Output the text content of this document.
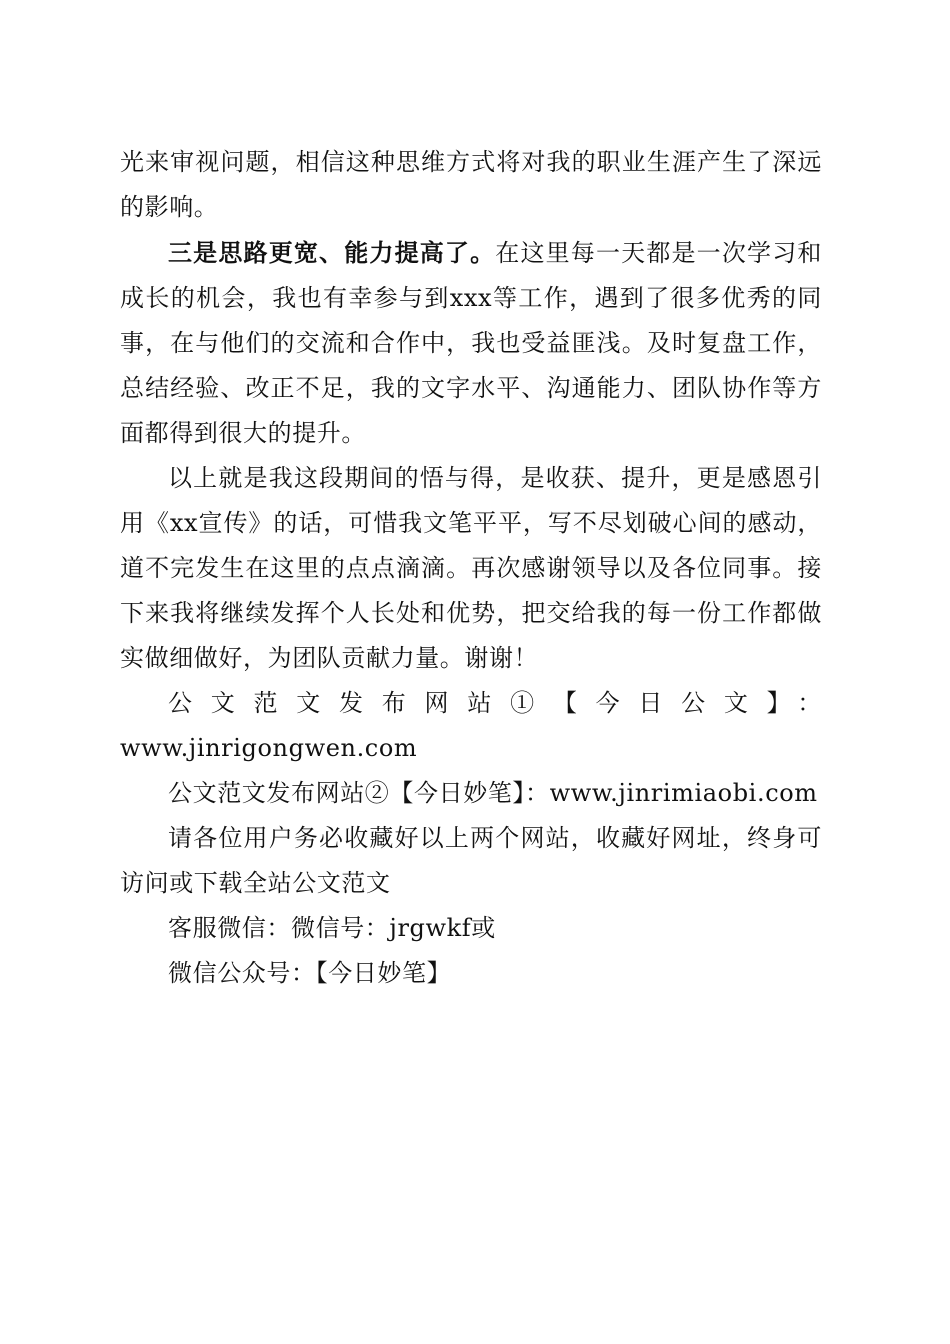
光来审视问题，相信这种思维方式将对我的职业生涯产生了深远的影响。

三是思路更宽、能力提高了。在这里每一天都是一次学习和成长的机会，我也有幸参与到xxx等工作，遇到了很多优秀的同事，在与他们的交流和合作中，我也受益匪浅。及时复盘工作，总结经验、改正不足，我的文字水平、沟通能力、团队协作等方面都得到很大的提升。

以上就是我这段期间的悟与得，是收获、提升，更是感恩引用《xx宣传》的话，可惜我文笔平平，写不尽划破心间的感动，道不完发生在这里的点点滴滴。再次感谢领导以及各位同事。接下来我将继续发挥个人长处和优势，把交给我的每一份工作都做实做细做好，为团队贡献力量。谢谢！

公文范文发布网站①【今日公文】：

www.jinrigongwen.com

公文范文发布网站②【今日妙笔】：www.jinrimiaobi.com

请各位用户务必收藏好以上两个网站，收藏好网址，终身可访问或下载全站公文范文

客服微信：微信号：jrgwkf或

微信公众号：【今日妙笔】
